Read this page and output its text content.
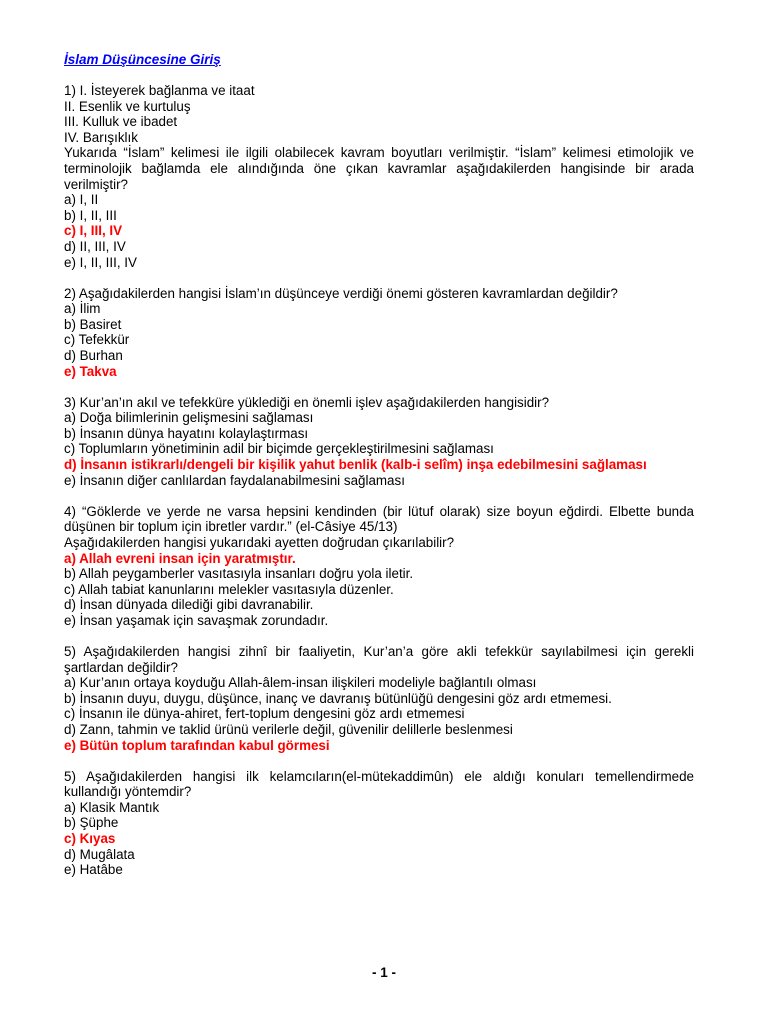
İslam Düşüncesine Giriş
1) I. İsteyerek bağlanma ve itaat
II. Esenlik ve kurtuluş
III. Kulluk ve ibadet
IV. Barışıklık
Yukarıda “İslam” kelimesi ile ilgili olabilecek kavram boyutları verilmiştir. “İslam” kelimesi etimolojik ve terminolojik bağlamda ele alındığında öne çıkan kavramlar aşağıdakilerden hangisinde bir arada verilmiştir?
a) I, II
b) I, II, III
c) I, III, IV
d) II, III, IV
e) I, II, III, IV
2) Aşağıdakilerden hangisi İslam’ın düşünceye verdiği önemi gösteren kavramlardan değildir?
a) İlim
b) Basiret
c) Tefekkür
d) Burhan
e) Takva
3) Kur’an’ın akıl ve tefekküre yüklediği en önemli işlev aşağıdakilerden hangisidir?
a) Doğa bilimlerinin gelişmesini sağlaması
b) İnsanın dünya hayatını kolaylaştırması
c) Toplumların yönetiminin adil bir biçimde gerçekleştirilmesini sağlaması
d) İnsanın istikrarlı/dengeli bir kişilik yahut benlik (kalb-i selîm) inşa edebilmesini sağlaması
e) İnsanın diğer canlılardan faydalanabilmesini sağlaması
4) “Göklerde ve yerde ne varsa hepsini kendinden (bir lütuf olarak) size boyun eğdirdi. Elbette bunda düşünen bir toplum için ibretler vardır.” (el-Câsiye 45/13)
Aşağıdakilerden hangisi yukarıdaki ayetten doğrudan çıkarılabilir?
a) Allah evreni insan için yaratmıştır.
b) Allah peygamberler vasıtasıyla insanları doğru yola iletir.
c) Allah tabiat kanunlarını melekler vasıtasıyla düzenler.
d) İnsan dünyada dilediği gibi davranabilir.
e) İnsan yaşamak için savaşmak zorundadır.
5) Aşağıdakilerden hangisi zihnî bir faaliyetin, Kur’an’a göre akli tefekkür sayılabilmesi için gerekli şartlardan değildir?
a) Kur’anın ortaya koyduğu Allah-âlem-insan ilişkileri modeliyle bağlantılı olması
b) İnsanın duyu, duygu, düşünce, inanç ve davranış bütünlüğü dengesini göz ardı etmemesi.
c) İnsanın ile dünya-ahiret, fert-toplum dengesini göz ardı etmemesi
d) Zann, tahmin ve taklid ürünü verilerle değil, güvenilir delillerle beslenmesi
e) Bütün toplum tarafından kabul görmesi
5) Aşağıdakilerden hangisi ilk kelamcıların(el-mütekaddimûn) ele aldığı konuları temellendirmede kullandığı yöntemdir?
a) Klasik Mantık
b) Şüphe
c) Kıyas
d) Mugâlata
e) Hatâbe
- 1 -
